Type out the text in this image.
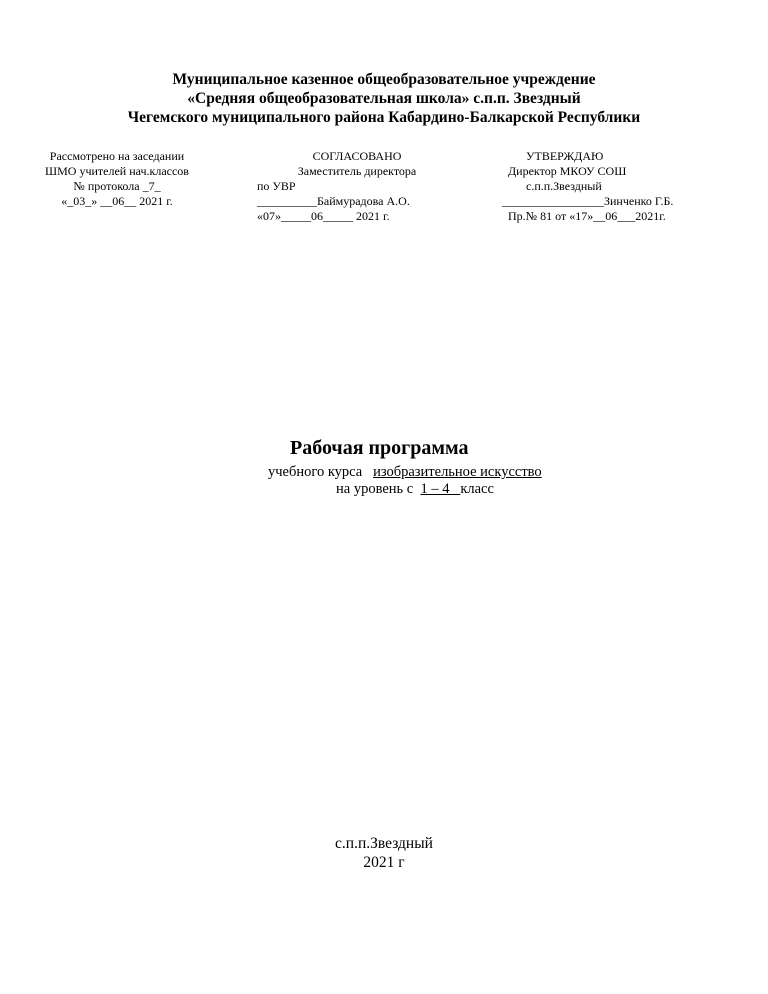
Муниципальное казенное общеобразовательное учреждение
«Средняя общеобразовательная школа» с.п.п. Звездный
Чегемского муниципального района Кабардино-Балкарской Республики
Рассмотрено на заседании
ШМО учителей нач.классов
№ протокола _7_
«_03_» __06__ 2021 г.
СОГЛАСОВАНО
Заместитель директора
по УВР
__________Баймурадова А.О.
«07»_____06_____ 2021 г.
УТВЕРЖДАЮ
Директор МКОУ СОШ
с.п.п.Звездный
_________________Зинченко Г.Б.
Пр.№ 81 от «17»__06___2021г.
Рабочая программа
учебного курса изобразительное искусство
на уровень с 1 – 4 класс
с.п.п.Звездный
2021 г
